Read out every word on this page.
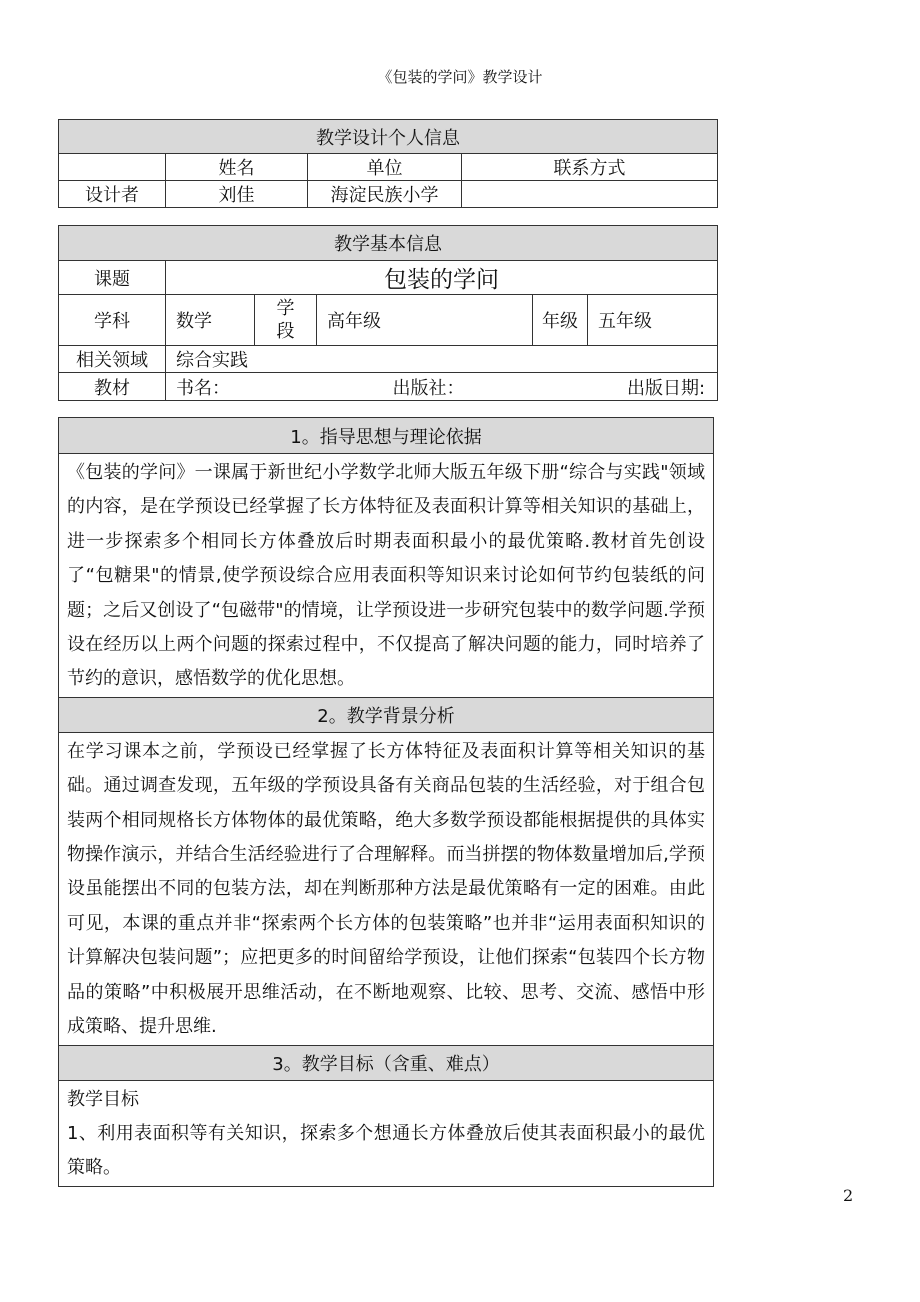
《包装的学问》教学设计
教学设计个人信息			
	姓名	单位	联系方式
设计者	刘佳	海淀民族小学	
教学基本信息					
课题	包装的学问				
学科	数学	学段	高年级	年级	五年级
相关领域	综合实践				
教材	书名： 出版社： 出版日期:				
1。指导思想与理论依据
《包装的学问》一课属于新世纪小学数学北师大版五年级下册“综合与实践"领域的内容，是在学预设已经掌握了长方体特征及表面积计算等相关知识的基础上，进一步探索多个相同长方体叠放后时期表面积最小的最优策略.教材首先创设了“包糖果"的情景,使学预设综合应用表面积等知识来讨论如何节约包装纸的问题；之后又创设了“包磁带"的情境，让学预设进一步研究包装中的数学问题.学预设在经历以上两个问题的探索过程中，不仅提高了解决问题的能力，同时培养了节约的意识，感悟数学的优化思想。
2。教学背景分析
在学习课本之前，学预设已经掌握了长方体特征及表面积计算等相关知识的基础。通过调查发现，五年级的学预设具备有关商品包装的生活经验，对于组合包装两个相同规格长方体物体的最优策略，绝大多数学预设都能根据提供的具体实物操作演示，并结合生活经验进行了合理解释。而当拼摆的物体数量增加后,学预设虽能摆出不同的包装方法，却在判断那种方法是最优策略有一定的困难。由此可见，本课的重点并非“探索两个长方体的包装策略”也并非“运用表面积知识的计算解决包装问题”；应把更多的时间留给学预设，让他们探索“包装四个长方物品的策略”中积极展开思维活动，在不断地观察、比较、思考、交流、感悟中形成策略、提升思维.
3。教学目标（含重、难点）

教学目标
1、利用表面积等有关知识，探索多个想通长方体叠放后使其表面积最小的最优策略。
2
